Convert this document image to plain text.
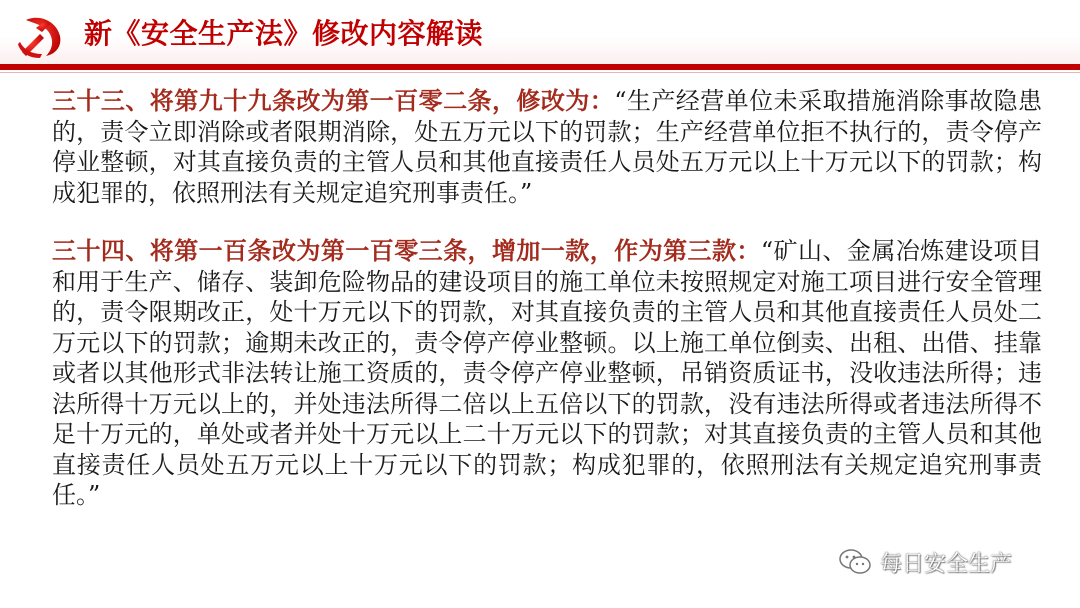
新《安全生产法》修改内容解读

三十三、将第九十九条改为第一百零二条，修改为：“生产经营单位未采取措施消除事故隐患的，责令立即消除或者限期消除，处五万元以下的罚款；生产经营单位拒不执行的，责令停产停业整顿，对其直接负责的主管人员和其他直接责任人员处五万元以上十万元以下的罚款；构成犯罪的，依照刑法有关规定追究刑事责任。”

三十四、将第一百条改为第一百零三条，增加一款，作为第三款：“矿山、金属冶炼建设项目和用于生产、储存、装卸危险物品的建设项目的施工单位未按照规定对施工项目进行安全管理的，责令限期改正，处十万元以下的罚款，对其直接负责的主管人员和其他直接责任人员处二万元以下的罚款；逾期未改正的，责令停产停业整顿。以上施工单位倒卖、出租、出借、挂靠或者以其他形式非法转让施工资质的，责令停产停业整顿，吊销资质证书，没收违法所得；违法所得十万元以上的，并处违法所得二倍以上五倍以下的罚款，没有违法所得或者违法所得不足十万元的，单处或者并处十万元以上二十万元以下的罚款；对其直接负责的主管人员和其他直接责任人员处五万元以上十万元以下的罚款；构成犯罪的，依照刑法有关规定追究刑事责任。”

每日安全生产
